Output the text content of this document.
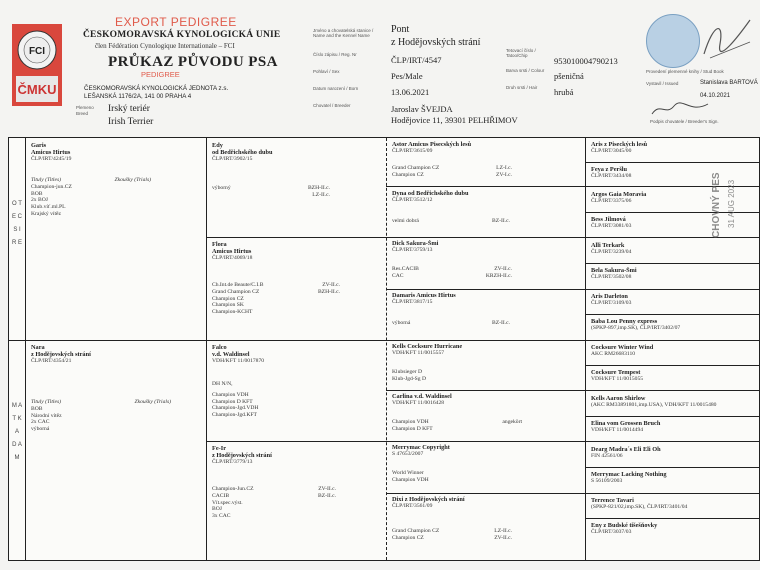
FCI
ČMKU
EXPORT PEDIGREE
ČESKOMORAVSKÁ KYNOLOGICKÁ UNIE
člen Fédération Cynologique Internationale – FCI
PRŮKAZ PŮVODU PSA
PEDIGREE
ČESKOMORAVSKÁ KYNOLOGICKÁ JEDNOTA z.s.
LEŠANSKÁ 1176/2A, 141 00 PRAHA 4
Plemeno
Breed Irský teriér
Irish Terrier
Jméno a chovatelská stanice / Name and the Kennel Name
Pont
z Hodějovských strání
Číslo zápisu / Reg. Nr
ČLP/IRT/4547
Pohlaví / Sex	Pes/Male
Datum narození / Born	13.06.2021
Chovatel / Breeder	Jaroslav ŠVEJDA
Hodějovice 11, 39301 PELHŘIMOV
Tetovací číslo / Tatoo/Chip
953010004790213
Barva srsti / Colour
pšeničná
Druh srsti / Hair	hrubá
Provedení plemenné knihy / Stud Book
Vystavil / Issued	Stanislava BARTOVÁ
04.10.2021
Podpis chovatele / Breeder's Sign.
O T E C     S I R E
M A T K A     D A M
Garis
Amicus Hirtus
ČLP/IRT/4245/19
Tituly (Titles)	Zkoušky (Trials)
Champion-jun.CZ
BOB
2x BOJ
Klub.víť.ml.PL
Krajský vítěz
Nara
z Hodějovských strání
ČLP/IRT/4354/21
Tituly (Titles)	Zkoušky (Trials)
BOB
Národní vítěz
2x CAC
výborná
Edy
od Bedřichského dubu
ČLP/IRT/3902/15
výborný	BZH-II.c.
LZ-II.c.
Flora
Amicus Hirtus
ČLP/IRT/4069/18
Ch.Int.de Beaute/C.I.B	ZV-II.c.
Grand Champion CZ	BZH-II.c.
Champion CZ
Champion SK
Champion-KCHT
Falco
v.d. Waldinsel
VDH/KFT 11/0017870
DH N/N,
Champion VDH
Champion D KFT
Champion-Jgd.VDH
Champion-Jgd.KFT
Fe-Ir
z Hodějovských strání
ČLP/IRT/3779/13
Champion-Jun.CZ	ZV-II.c.
CACIB	BZ-II.c.
Vít.spec.výst.
BOJ
3x CAC
Astor Amicus Pisecských lesů
ČLP/IRT/3615/09
Grand Champion CZ	LZ-I.c.
Champion CZ	ZV-I.c.
Dyna od Bedřichského dubu
ČLP/IRT/3512/12
velmi dobrá	BZ-II.c.
Dick Sakura-Šmi
ČLP/IRT/3759/13
Res.CACIB	ZV-II.c.
CAC	KRZH-II.c.
Damaris Amicus Hirtus
ČLP/IRT/3817/15
výborná	BZ-II.c.
Kells Cocksure Hurricane
VDH/KFT 11/0015557
Klubsieger D
Klub-Jgd-Sg D
Carlina v.d. Waldinsel
VDH/KFT 11/0016428
Champion VDH	angekört
Champion D KFT
Merrymac Copyright
S 47653/2007
World Winner
Champion VDH
Dixi z Hodějovských strání
ČLP/IRT/3561/09
Grand Champion CZ	LZ-II.c.
Champion CZ	ZV-II.c.
Aris z Piseckých lesů
ČLP/IRT/3045/00
Feya z Peršlu
ČLP/IRT/3434/08
Argos Gaia Moravia
ČLP/IRT/3375/06
Bess Jilmová
ČLP/IRT/3081/03
Alli Terkark
ČLP/IRT/3239/04
Bela Sakura-Šmi
ČLP/IRT/3502/08
Aris Darleton
ČLP/IRT/3109/03
Baba Lou Penny express
(SPKP-897,imp.SK), ČLP/IRT/3402/07
Cocksure Winter Wind
AKC RM26683110
Cocksure Tempest
VDH/KFT 11/0015055
Kells Aaron Shirlow
(AKC RM33891801,imp.USA), VDH/KFT 11/0015480
Elina vom Grossen Bruch
VDH/KFT 11/0014494
Dearg Madra´s Eli Eli Oh
FIN 42561/06
Merrymac Lacking Nothing
S 56109/2003
Terrence Tavari
(SPKP-821/02,imp.SK), ČLP/IRT/3401/04
Eny z Budské tišešňovky
ČLP/IRT/3037/03
CHOVNÝ PES 31 AUG 2023
